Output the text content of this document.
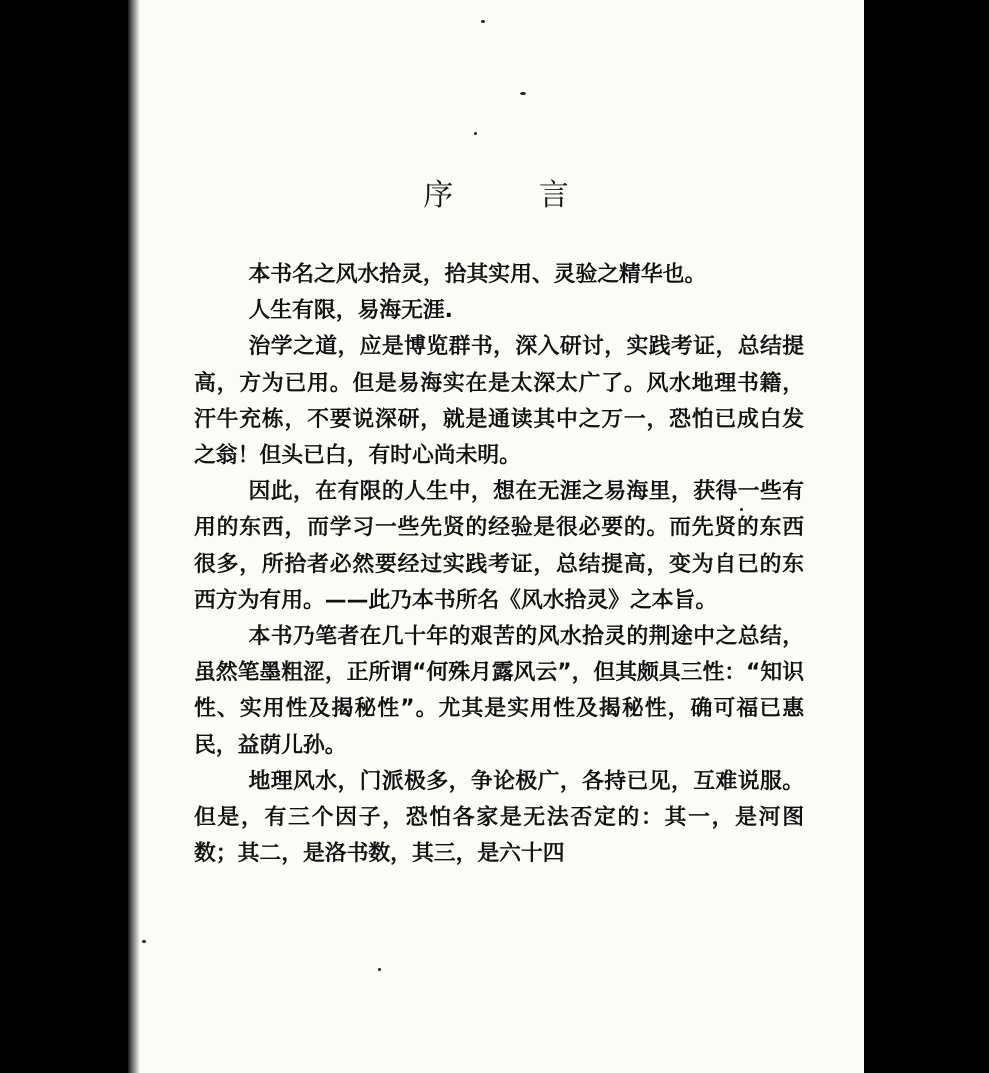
序 言

本书名之风水拾灵，拾其实用、灵验之精华也。

人生有限，易海无涯.

治学之道，应是博览群书，深入研讨，实践考证，总结提高，方为已用。但是易海实在是太深太广了。风水地理书籍，汗牛充栋，不要说深研，就是通读其中之万一，恐怕已成白发之翁！但头已白，有时心尚未明。

因此，在有限的人生中，想在无涯之易海里，获得一些有用的东西，而学习一些先贤的经验是很必要的。而先贤的东西很多，所拾者必然要经过实践考证，总结提高，变为自已的东西方为有用。——此乃本书所名《风水拾灵》之本旨。

本书乃笔者在几十年的艰苦的风水拾灵的荆途中之总结，虽然笔墨粗涩，正所谓“何殊月露风云”，但其颇具三性：“知识性、实用性及揭秘性”。尤其是实用性及揭秘性，确可福已惠民，益荫儿孙。

地理风水，门派极多，争论极广，各持已见，互难说服。但是，有三个因子，恐怕各家是无法否定的：其一，是河图数；其二，是洛书数，其三，是六十四
